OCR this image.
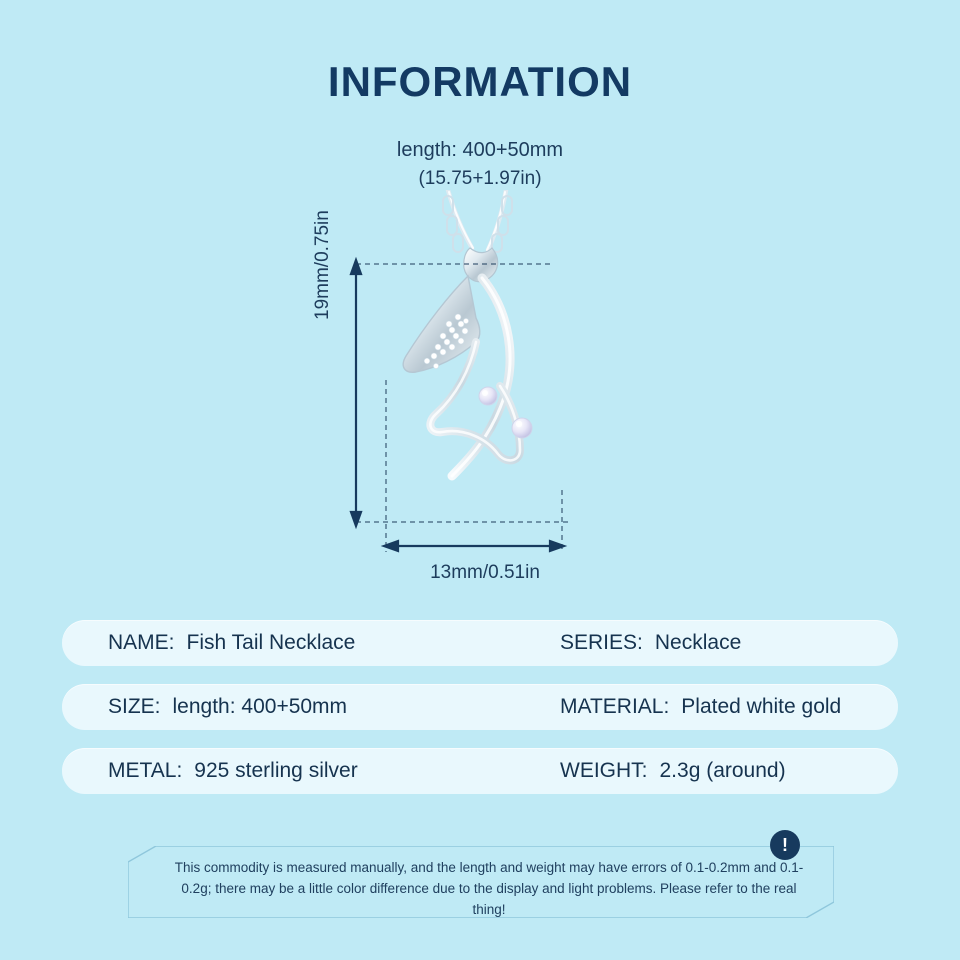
INFORMATION
length: 400+50mm
(15.75+1.97in)
19mm/0.75in
13mm/0.51in
NAME: Fish Tail Necklace	SERIES: Necklace
SIZE: length: 400+50mm	MATERIAL: Plated white gold
METAL: 925 sterling silver	WEIGHT: 2.3g (around)
!
This commodity is measured manually, and the length and weight may have errors of 0.1-0.2mm and 0.1-0.2g; there may be a little color difference due to the display and light problems. Please refer to the real thing!
